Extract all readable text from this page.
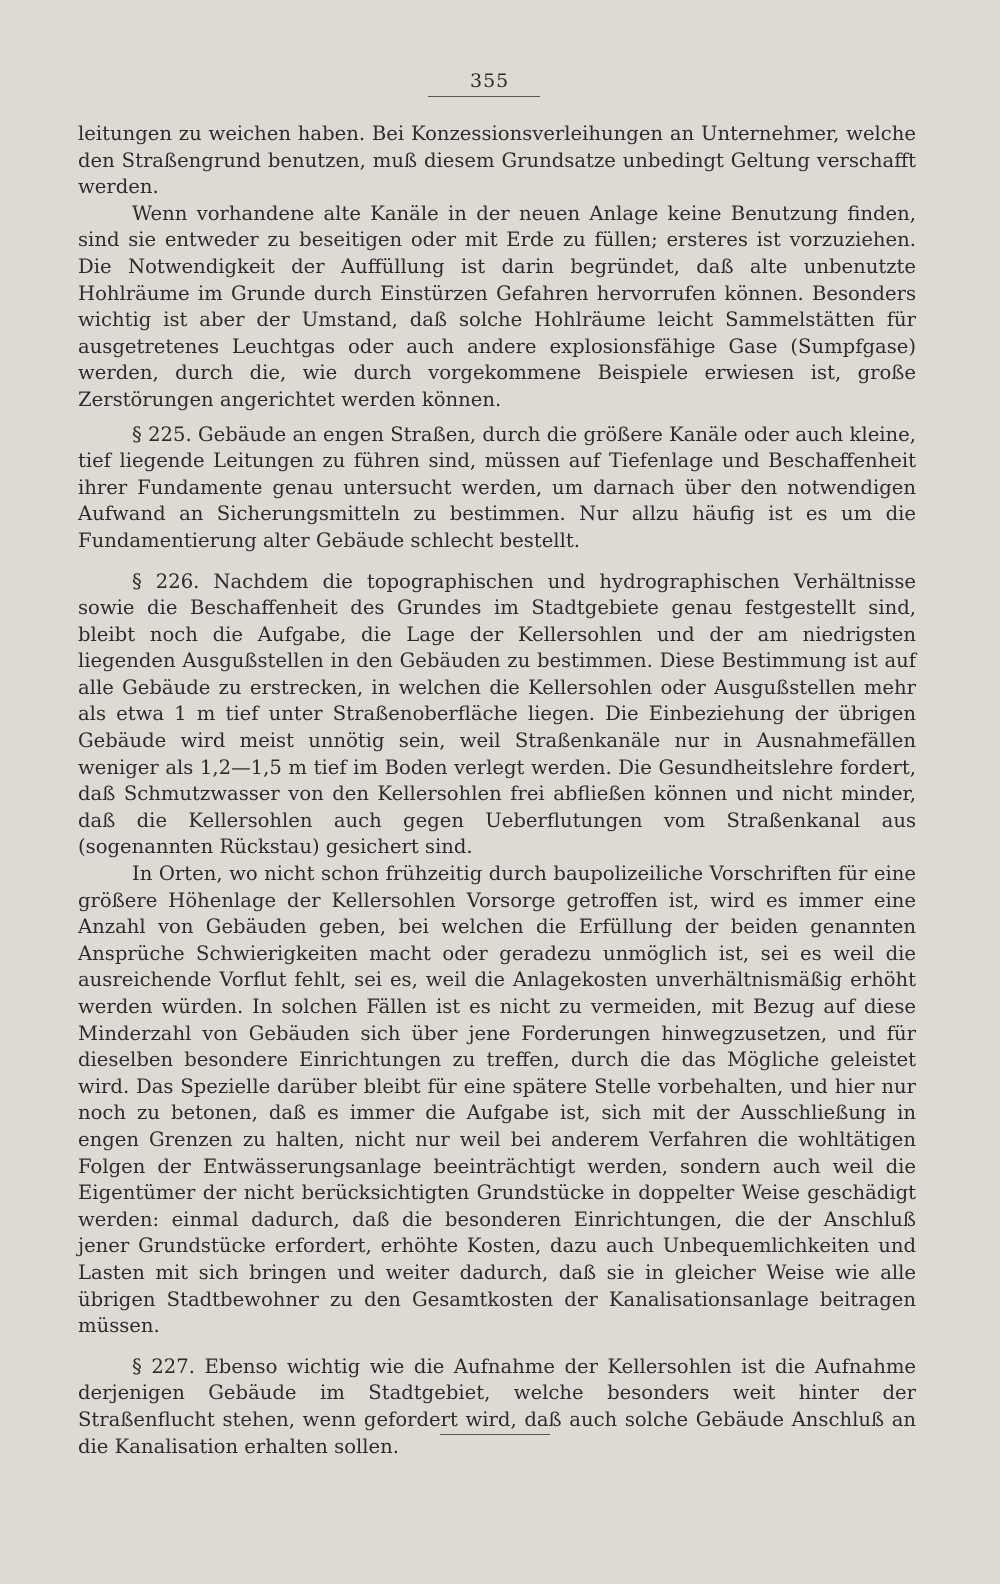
355

leitungen zu weichen haben. Bei Konzessionsverleihungen an Unternehmer, welche den Straßengrund benutzen, muß diesem Grundsatze unbedingt Geltung verschafft werden.

Wenn vorhandene alte Kanäle in der neuen Anlage keine Benutzung finden, sind sie entweder zu beseitigen oder mit Erde zu füllen; ersteres ist vorzuziehen. Die Notwendigkeit der Auffüllung ist darin begründet, daß alte unbenutzte Hohlräume im Grunde durch Einstürzen Gefahren hervorrufen können. Besonders wichtig ist aber der Umstand, daß solche Hohlräume leicht Sammelstätten für ausgetretenes Leuchtgas oder auch andere explosionsfähige Gase (Sumpfgase) werden, durch die, wie durch vorgekommene Beispiele erwiesen ist, große Zerstörungen angerichtet werden können.

§ 225. Gebäude an engen Straßen, durch die größere Kanäle oder auch kleine, tief liegende Leitungen zu führen sind, müssen auf Tiefenlage und Beschaffenheit ihrer Fundamente genau untersucht werden, um darnach über den notwendigen Aufwand an Sicherungsmitteln zu bestimmen. Nur allzu häufig ist es um die Fundamentierung alter Gebäude schlecht bestellt.

§ 226. Nachdem die topographischen und hydrographischen Verhältnisse sowie die Beschaffenheit des Grundes im Stadtgebiete genau festgestellt sind, bleibt noch die Aufgabe, die Lage der Kellersohlen und der am niedrigsten liegenden Ausgußstellen in den Gebäuden zu bestimmen. Diese Bestimmung ist auf alle Gebäude zu erstrecken, in welchen die Kellersohlen oder Ausgußstellen mehr als etwa 1 m tief unter Straßenoberfläche liegen. Die Einbeziehung der übrigen Gebäude wird meist unnötig sein, weil Straßenkanäle nur in Ausnahmefällen weniger als 1,2—1,5 m tief im Boden verlegt werden. Die Gesundheitslehre fordert, daß Schmutzwasser von den Kellersohlen frei abfließen können und nicht minder, daß die Kellersohlen auch gegen Ueberflutungen vom Straßenkanal aus (sogenannten Rückstau) gesichert sind.

In Orten, wo nicht schon frühzeitig durch baupolizeiliche Vorschriften für eine größere Höhenlage der Kellersohlen Vorsorge getroffen ist, wird es immer eine Anzahl von Gebäuden geben, bei welchen die Erfüllung der beiden genannten Ansprüche Schwierigkeiten macht oder geradezu unmöglich ist, sei es weil die ausreichende Vorflut fehlt, sei es, weil die Anlagekosten unverhältnismäßig erhöht werden würden. In solchen Fällen ist es nicht zu vermeiden, mit Bezug auf diese Minderzahl von Gebäuden sich über jene Forderungen hinwegzusetzen, und für dieselben besondere Einrichtungen zu treffen, durch die das Mögliche geleistet wird. Das Spezielle darüber bleibt für eine spätere Stelle vorbehalten, und hier nur noch zu betonen, daß es immer die Aufgabe ist, sich mit der Ausschließung in engen Grenzen zu halten, nicht nur weil bei anderem Verfahren die wohltätigen Folgen der Entwässerungsanlage beeinträchtigt werden, sondern auch weil die Eigentümer der nicht berücksichtigten Grundstücke in doppelter Weise geschädigt werden: einmal dadurch, daß die besonderen Einrichtungen, die der Anschluß jener Grundstücke erfordert, erhöhte Kosten, dazu auch Unbequemlichkeiten und Lasten mit sich bringen und weiter dadurch, daß sie in gleicher Weise wie alle übrigen Stadtbewohner zu den Gesamtkosten der Kanalisationsanlage beitragen müssen.

§ 227. Ebenso wichtig wie die Aufnahme der Kellersohlen ist die Aufnahme derjenigen Gebäude im Stadtgebiet, welche besonders weit hinter der Straßenflucht stehen, wenn gefordert wird, daß auch solche Gebäude Anschluß an die Kanalisation erhalten sollen.
